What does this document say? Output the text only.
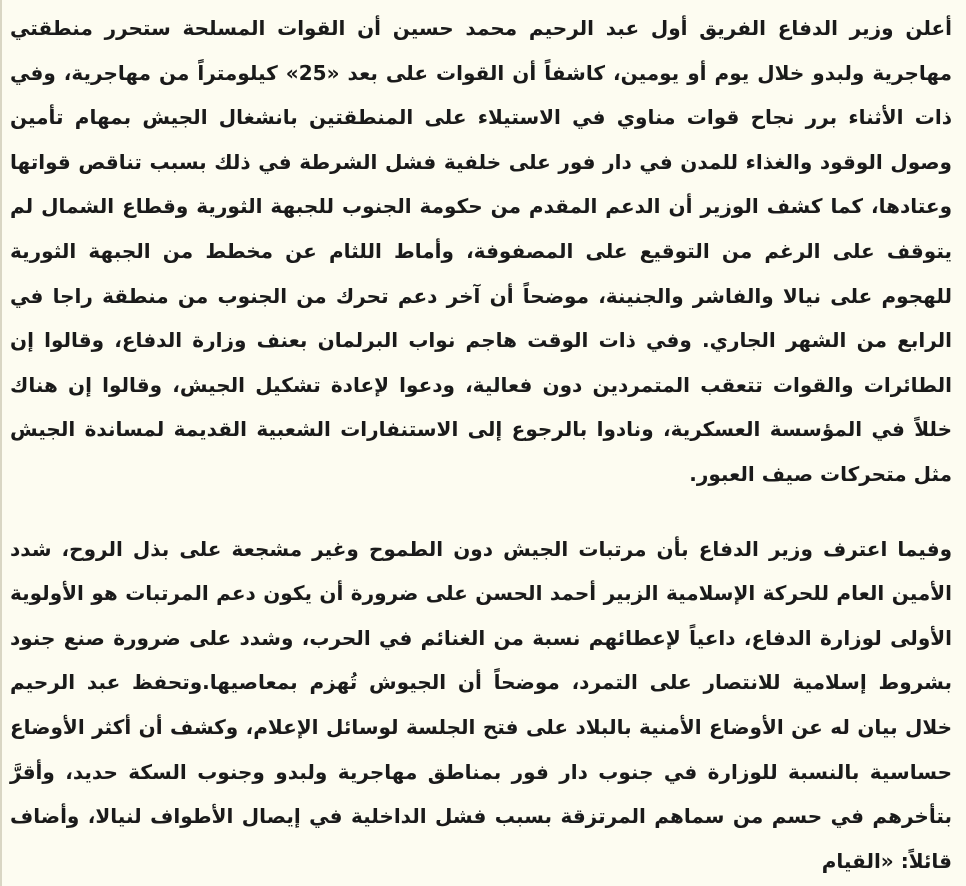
أعلن وزير الدفاع الفريق أول عبد الرحيم محمد حسين أن القوات المسلحة ستحرر منطقتي مهاجرية ولبدو خلال يوم أو يومين، كاشفاً أن القوات على بعد «25» كيلومتراً من مهاجرية، وفي ذات الأثناء برر نجاح قوات مناوي في الاستيلاء على المنطقتين بانشغال الجيش بمهام تأمين وصول الوقود والغذاء للمدن في دار فور على خلفية فشل الشرطة في ذلك بسبب تناقص قواتها وعتادها، كما كشف الوزير أن الدعم المقدم من حكومة الجنوب للجبهة الثورية وقطاع الشمال لم يتوقف على الرغم من التوقيع على المصفوفة، وأماط اللثام عن مخطط من الجبهة الثورية للهجوم على نيالا والفاشر والجنينة، موضحاً أن آخر دعم تحرك من الجنوب من منطقة راجا في الرابع من الشهر الجاري. وفي ذات الوقت هاجم نواب البرلمان بعنف وزارة الدفاع، وقالوا إن الطائرات والقوات تتعقب المتمردين دون فعالية، ودعوا لإعادة تشكيل الجيش، وقالوا إن هناك خللاً في المؤسسة العسكرية، ونادوا بالرجوع إلى الاستنفارات الشعبية القديمة لمساندة الجيش مثل متحركات صيف العبور.

وفيما اعترف وزير الدفاع بأن مرتبات الجيش دون الطموح وغير مشجعة على بذل الروح، شدد الأمين العام للحركة الإسلامية الزبير أحمد الحسن على ضرورة أن يكون دعم المرتبات هو الأولوية الأولى لوزارة الدفاع، داعياً لإعطائهم نسبة من الغنائم في الحرب، وشدد على ضرورة صنع جنود بشروط إسلامية للانتصار على التمرد، موضحاً أن الجيوش تُهزم بمعاصيها.وتحفظ عبد الرحيم خلال بيان له عن الأوضاع الأمنية بالبلاد على فتح الجلسة لوسائل الإعلام، وكشف أن أكثر الأوضاع حساسية بالنسبة للوزارة في جنوب دار فور بمناطق مهاجرية ولبدو وجنوب السكة حديد، وأقرَّ بتأخرهم في حسم من سماهم المرتزقة بسبب فشل الداخلية في إيصال الأطواف لنيالا، وأضاف قائلاً: «القيام
